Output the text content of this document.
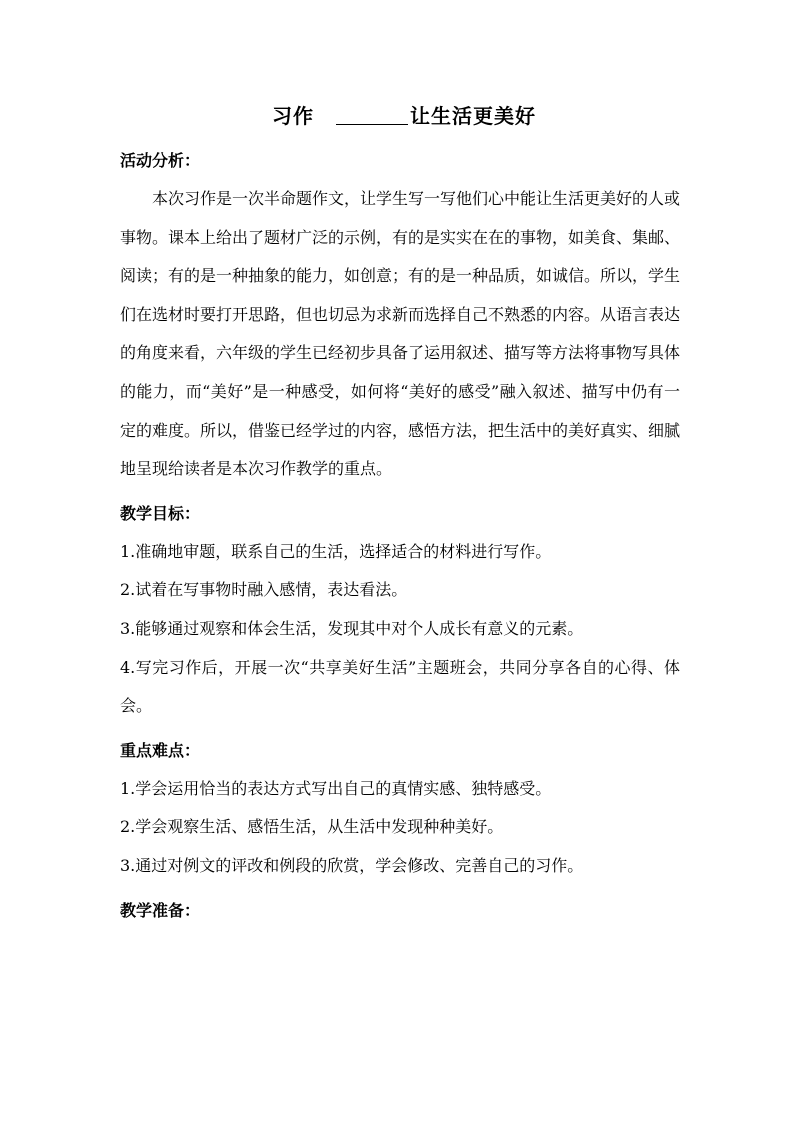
习作	让生活更美好
活动分析：

本次习作是一次半命题作文，让学生写一写他们心中能让生活更美好的人或事物。课本上给出了题材广泛的示例，有的是实实在在的事物，如美食、集邮、阅读；有的是一种抽象的能力，如创意；有的是一种品质，如诚信。所以，学生们在选材时要打开思路，但也切忌为求新而选择自己不熟悉的内容。从语言表达的角度来看，六年级的学生已经初步具备了运用叙述、描写等方法将事物写具体的能力，而“美好”是一种感受，如何将“美好的感受”融入叙述、描写中仍有一定的难度。所以，借鉴已经学过的内容，感悟方法，把生活中的美好真实、细腻地呈现给读者是本次习作教学的重点。

教学目标：

1.准确地审题，联系自己的生活，选择适合的材料进行写作。

2.试着在写事物时融入感情，表达看法。

3.能够通过观察和体会生活，发现其中对个人成长有意义的元素。

4.写完习作后，开展一次“共享美好生活”主题班会，共同分享各自的心得、体会。

重点难点：

1.学会运用恰当的表达方式写出自己的真情实感、独特感受。

2.学会观察生活、感悟生活，从生活中发现种种美好。

3.通过对例文的评改和例段的欣赏，学会修改、完善自己的习作。

教学准备：
